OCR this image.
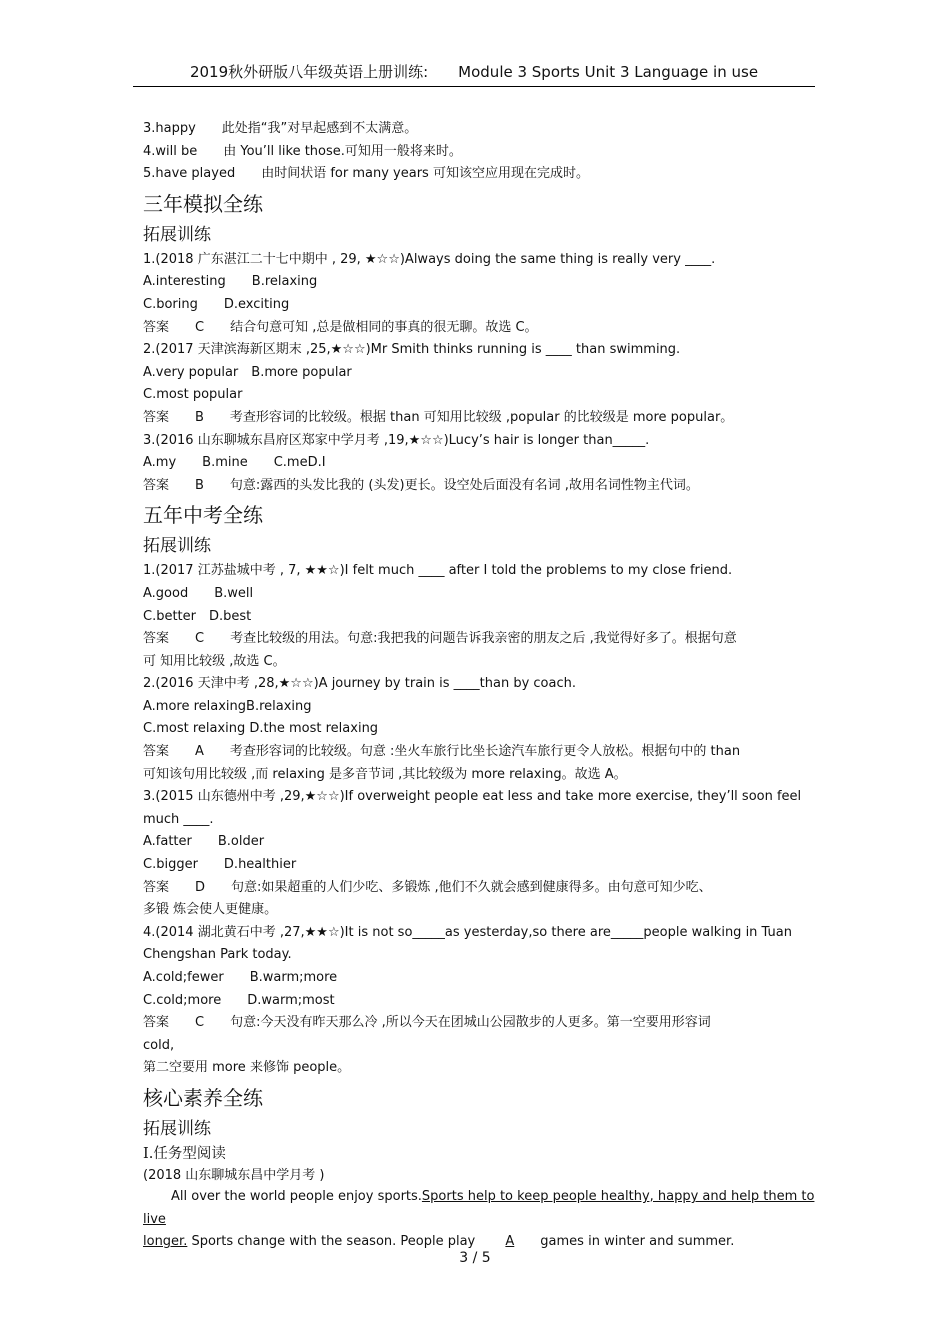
2019秋外研版八年级英语上册训练:　　Module 3 Sports Unit 3 Language in use
3.happy　　此处指“我”对早起感到不太满意。
4.will be　　由 You’ll like those.可知用一般将来时。
5.have played　　由时间状语 for many years 可知该空应用现在完成时。
三年模拟全练
拓展训练
1.(2018 广东湛江二十七中期中 , 29, ★☆☆)Always doing the same thing is really very ____.
A.interesting　　B.relaxing
C.boring　　D.exciting
答案　　C　　结合句意可知 ,总是做相同的事真的很无聊。故选 C。
2.(2017 天津滨海新区期末 ,25,★☆☆)Mr Smith thinks running is ____ than swimming.
A.very popular　B.more popular
C.most popular
答案　　B　　考查形容词的比较级。根据 than 可知用比较级 ,popular 的比较级是 more popular。
3.(2016 山东聊城东昌府区郑家中学月考 ,19,★☆☆)Lucy’s hair is longer than_____.
A.my　　B.mine　　C.meD.I
答案　　B　　句意:露西的头发比我的 (头发)更长。设空处后面没有名词 ,故用名词性物主代词。
五年中考全练
拓展训练
1.(2017 江苏盐城中考 , 7, ★★☆)I felt much ____ after I told the problems to my close friend.
A.good　　B.well
C.better　D.best
答案　　C　　考查比较级的用法。句意:我把我的问题告诉我亲密的朋友之后 ,我觉得好多了。根据句意
可 知用比较级 ,故选 C。
2.(2016 天津中考 ,28,★☆☆)A journey by train is ____than by coach.
A.more relaxingB.relaxing
C.most relaxing D.the most relaxing
答案　　A　　考查形容词的比较级。句意 :坐火车旅行比坐长途汽车旅行更令人放松。根据句中的 than
可知该句用比较级 ,而 relaxing 是多音节词 ,其比较级为 more relaxing。故选 A。
3.(2015 山东德州中考 ,29,★☆☆)If overweight people eat less and take more exercise, they’ll soon feel
much ____.
A.fatter　　B.older
C.bigger　　D.healthier
答案　　D　　句意:如果超重的人们少吃、多锻炼 ,他们不久就会感到健康得多。由句意可知少吃、
多锻 炼会使人更健康。
4.(2014 湖北黄石中考 ,27,★★☆)It is not so_____as yesterday,so there are_____people walking in Tuan
Chengshan Park today.
A.cold;fewer　　B.warm;more
C.cold;more　　D.warm;most
答案　　C　　句意:今天没有昨天那么冷 ,所以今天在团城山公园散步的人更多。第一空要用形容词
cold,
第二空要用 more 来修饰 people。
核心素养全练
拓展训练
Ⅰ.任务型阅读
(2018 山东聊城东昌中学月考 )
All over the world people enjoy sports.Sports help to keep people healthy, happy and help them to live
longer. Sports change with the season. People play A games in winter and summer.
3 / 5
